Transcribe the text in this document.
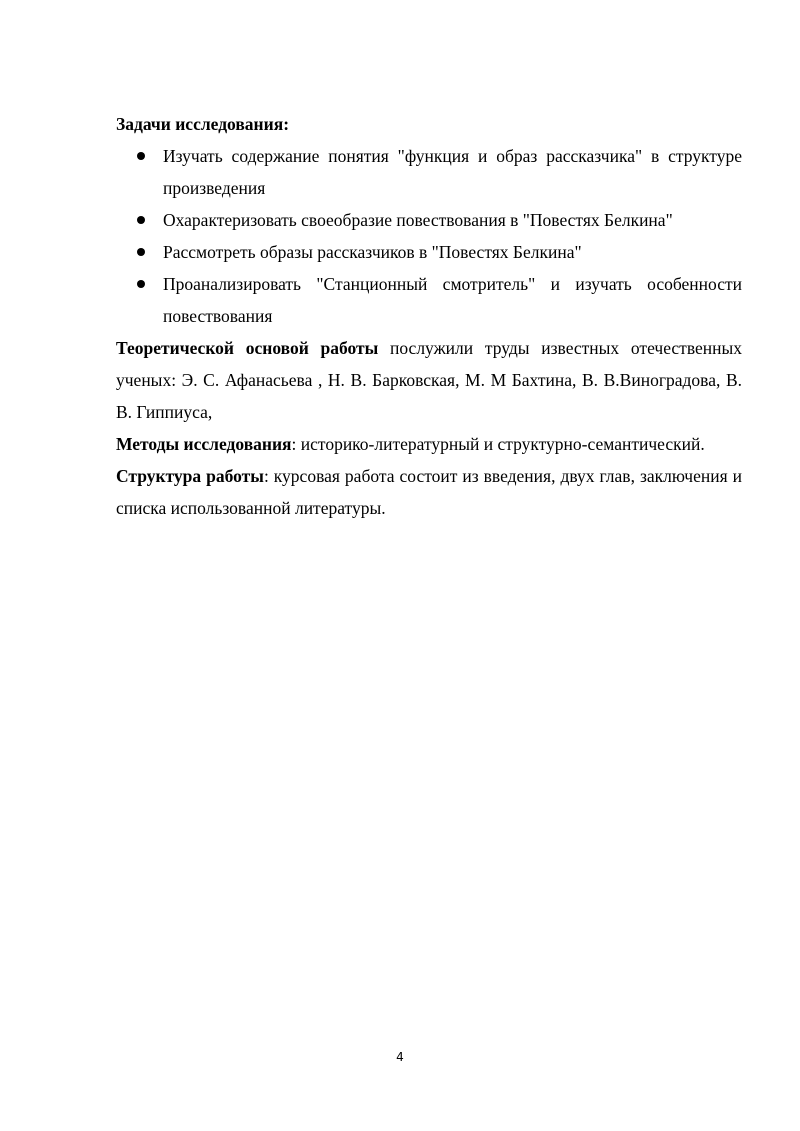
Задачи исследования:

Изучать содержание понятия "функция и образ рассказчика" в структуре произведения
Охарактеризовать своеобразие повествования в "Повестях Белкина"
Рассмотреть образы рассказчиков в "Повестях Белкина"
Проанализировать "Станционный смотритель" и изучать особенности повествования

Теоретической основой работы послужили труды известных отечественных ученых: Э. С. Афанасьева , Н. В. Барковская, М. М Бахтина, В. В.Виноградова, В. В. Гиппиуса,

Методы исследования: историко-литературный и структурно-семантический.

Структура работы: курсовая работа состоит из введения, двух глав, заключения и списка использованной литературы.

4
